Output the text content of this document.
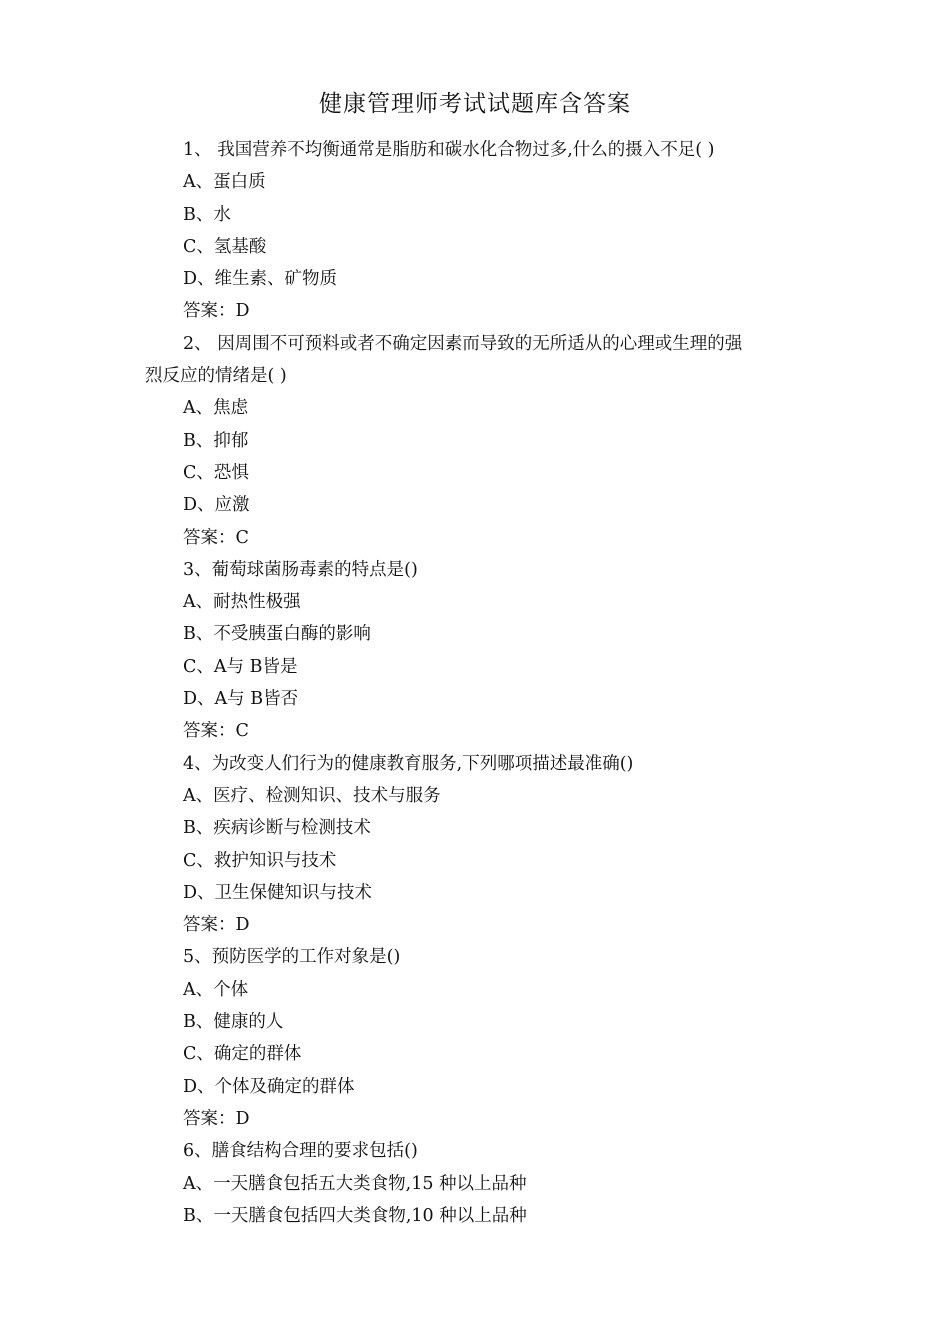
健康管理师考试试题库含答案
1、 我国营养不均衡通常是脂肪和碳水化合物过多,什么的摄入不足( )
A、蛋白质
B、水
C、氢基酸
D、维生素、矿物质
答案：D
2、 因周围不可预料或者不确定因素而导致的无所适从的心理或生理的强
烈反应的情绪是( )
A、焦虑
B、抑郁
C、恐惧
D、应激
答案：C
3、葡萄球菌肠毒素的特点是()
A、耐热性极强
B、不受胰蛋白酶的影响
C、A与 B皆是
D、A与 B皆否
答案：C
4、为改变人们行为的健康教育服务,下列哪项描述最准确()
A、医疗、检测知识、技术与服务
B、疾病诊断与检测技术
C、救护知识与技术
D、卫生保健知识与技术
答案：D
5、预防医学的工作对象是()
A、个体
B、健康的人
C、确定的群体
D、个体及确定的群体
答案：D
6、膳食结构合理的要求包括()
A、一天膳食包括五大类食物,15 种以上品种
B、一天膳食包括四大类食物,10 种以上品种
